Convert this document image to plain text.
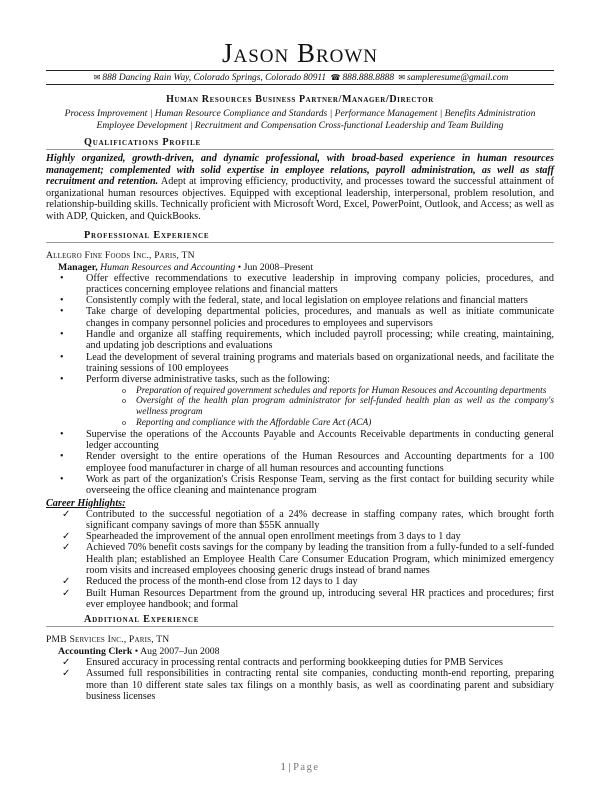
Jason Brown
✉ 888 Dancing Rain Way, Colorado Springs, Colorado 80911 ☎ 888.888.8888 ✉ sampleresume@gmail.com
Human Resources Business Partner/Manager/Director
Process Improvement | Human Resource Compliance and Standards | Performance Management | Benefits Administration
Employee Development | Recruitment and Compensation Cross-functional Leadership and Team Building
Qualifications Profile
Highly organized, growth-driven, and dynamic professional, with broad-based experience in human resources management; complemented with solid expertise in employee relations, payroll administration, as well as staff recruitment and retention. Adept at improving efficiency, productivity, and processes toward the successful attainment of organizational human resources objectives. Equipped with exceptional leadership, interpersonal, problem resolution, and relationship-building skills. Technically proficient with Microsoft Word, Excel, PowerPoint, Outlook, and Access; as well as with ADP, Quicken, and QuickBooks.
Professional Experience
Allegro Fine Foods Inc., Paris, TN
Manager, Human Resources and Accounting • Jun 2008–Present
• Offer effective recommendations to executive leadership in improving company policies, procedures, and practices concerning employee relations and financial matters
• Consistently comply with the federal, state, and local legislation on employee relations and financial matters
• Take charge of developing departmental policies, procedures, and manuals as well as initiate communicate changes in company personnel policies and procedures to employees and supervisors
• Handle and organize all staffing requirements, which included payroll processing; while creating, maintaining, and updating job descriptions and evaluations
• Lead the development of several training programs and materials based on organizational needs, and facilitate the training sessions of 100 employees
• Perform diverse administrative tasks, such as the following:
o Preparation of required government schedules and reports for Human Resouces and Accounting departments
o Oversight of the health plan program administrator for self-funded health plan as well as the company's wellness program
o Reporting and compliance with the Affordable Care Act (ACA)
• Supervise the operations of the Accounts Payable and Accounts Receivable departments in conducting general ledger accounting
• Render oversight to the entire operations of the Human Resources and Accounting departments for a 100 employee food manufacturer in charge of all human resources and accounting functions
• Work as part of the organization's Crisis Response Team, serving as the first contact for building security while overseeing the office cleaning and maintenance program
Career Highlights:
✓ Contributed to the successful negotiation of a 24% decrease in staffing company rates, which brought forth significant company savings of more than $55K annually
✓ Spearheaded the improvement of the annual open enrollment meetings from 3 days to 1 day
✓ Achieved 70% benefit costs savings for the company by leading the transition from a fully-funded to a self-funded Health plan; established an Employee Health Care Consumer Education Program, which minimized emergency room visits and increased employees choosing generic drugs instead of brand names
✓ Reduced the process of the month-end close from 12 days to 1 day
✓ Built Human Resources Department from the ground up, introducing several HR practices and procedures; first ever employee handbook; and formal
Additional Experience
PMB Services Inc., Paris, TN
Accounting Clerk • Aug 2007–Jun 2008
✓ Ensured accuracy in processing rental contracts and performing bookkeeping duties for PMB Services
✓ Assumed full responsibilities in contracting rental site companies, conducting month-end reporting, preparing more than 10 different state sales tax filings on a monthly basis, as well as coordinating parent and subsidiary business licenses
1 | Page
